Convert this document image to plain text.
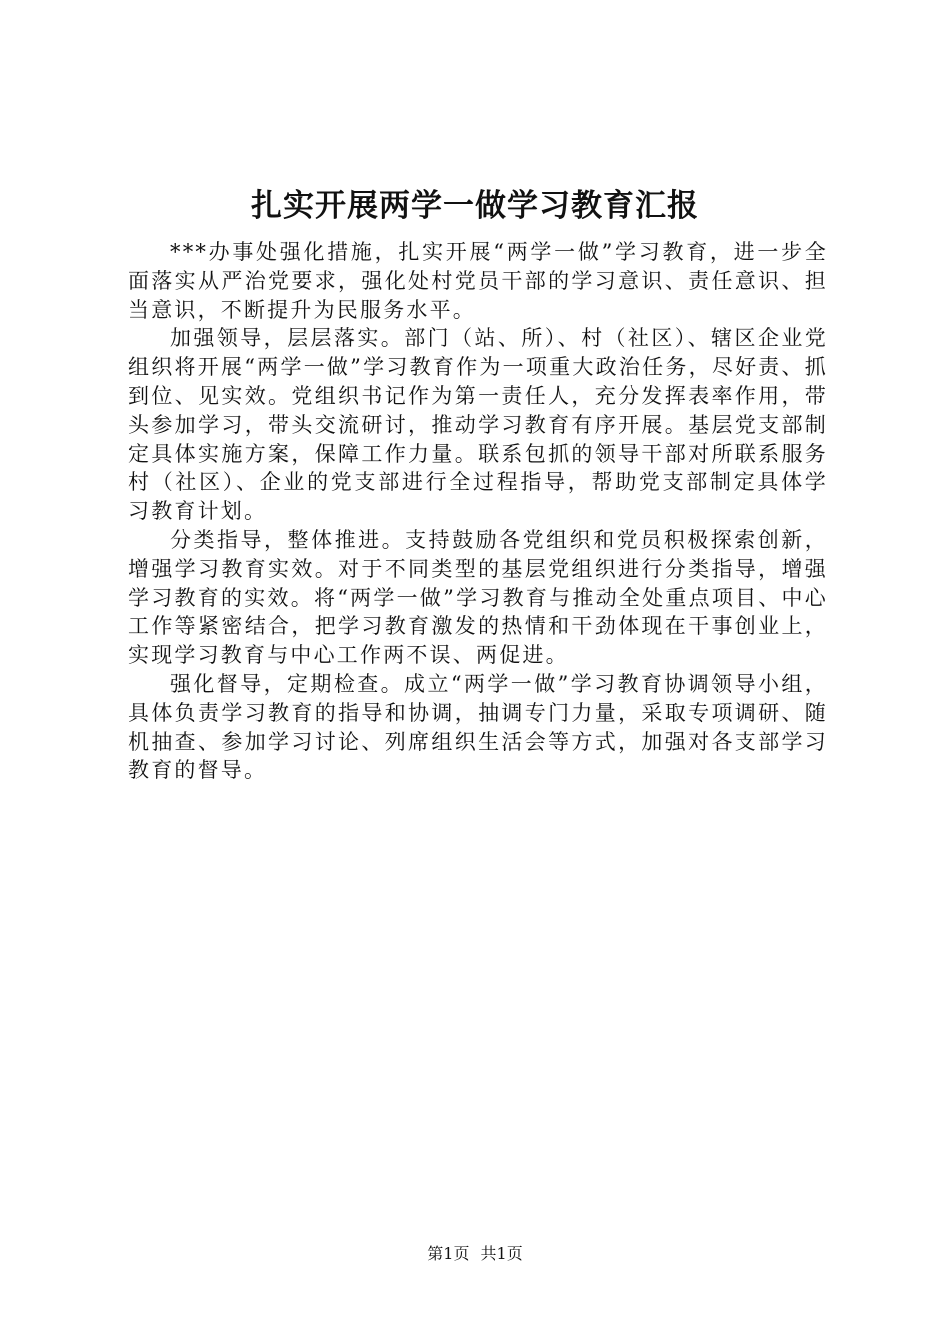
扎实开展两学一做学习教育汇报

***办事处强化措施，扎实开展“两学一做”学习教育，进一步全面落实从严治党要求，强化处村党员干部的学习意识、责任意识、担当意识，不断提升为民服务水平。

加强领导，层层落实。部门（站、所）、村（社区）、辖区企业党组织将开展“两学一做”学习教育作为一项重大政治任务，尽好责、抓到位、见实效。党组织书记作为第一责任人，充分发挥表率作用，带头参加学习，带头交流研讨，推动学习教育有序开展。基层党支部制定具体实施方案，保障工作力量。联系包抓的领导干部对所联系服务村（社区）、企业的党支部进行全过程指导，帮助党支部制定具体学习教育计划。

分类指导，整体推进。支持鼓励各党组织和党员积极探索创新，增强学习教育实效。对于不同类型的基层党组织进行分类指导，增强学习教育的实效。将“两学一做”学习教育与推动全处重点项目、中心工作等紧密结合，把学习教育激发的热情和干劲体现在干事创业上，实现学习教育与中心工作两不误、两促进。

强化督导，定期检查。成立“两学一做”学习教育协调领导小组，具体负责学习教育的指导和协调，抽调专门力量，采取专项调研、随机抽查、参加学习讨论、列席组织生活会等方式，加强对各支部学习教育的督导。

第1页 共1页
